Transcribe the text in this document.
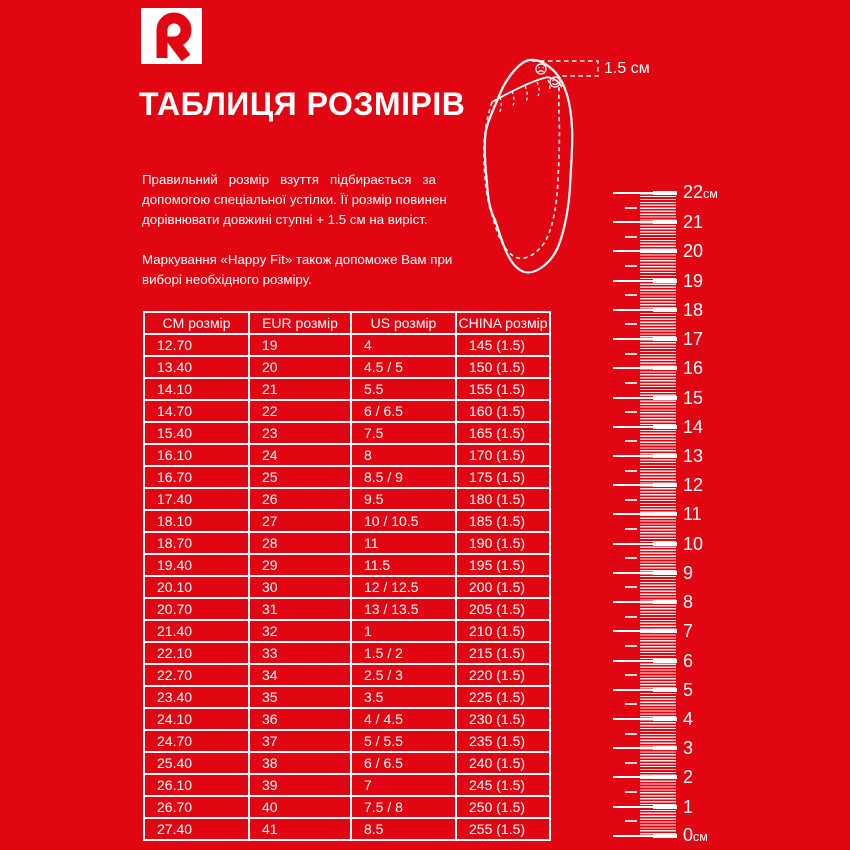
ТАБЛИЦЯ РОЗМІРІВ
Правильний розмір взуття підбирається за
допомогою спеціальної устілки. Її розмір повинен
дорівнювати довжині ступні + 1.5 см на виріст.
Маркування «Happy Fit» також допоможе Вам при
виборі необхідного розміру.
1.5 см
22см
21
20
19
18
17
16
15
14
13
12
11
10
9
8
7
6
5
4
3
2
1
0см
CM розмір	EUR розмір	US розмір	CHINA розмір
12.70	19	4	145 (1.5)
13.40	20	4.5 / 5	150 (1.5)
14.10	21	5.5	155 (1.5)
14.70	22	6 / 6.5	160 (1.5)
15.40	23	7.5	165 (1.5)
16.10	24	8	170 (1.5)
16.70	25	8.5 / 9	175 (1.5)
17.40	26	9.5	180 (1.5)
18.10	27	10 / 10.5	185 (1.5)
18.70	28	11	190 (1.5)
19.40	29	11.5	195 (1.5)
20.10	30	12 / 12.5	200 (1.5)
20.70	31	13 / 13.5	205 (1.5)
21.40	32	1	210 (1.5)
22.10	33	1.5 / 2	215 (1.5)
22.70	34	2.5 / 3	220 (1.5)
23.40	35	3.5	225 (1.5)
24.10	36	4 / 4.5	230 (1.5)
24.70	37	5 / 5.5	235 (1.5)
25.40	38	6 / 6.5	240 (1.5)
26.10	39	7	245 (1.5)
26.70	40	7.5 / 8	250 (1.5)
27.40	41	8.5	255 (1.5)
